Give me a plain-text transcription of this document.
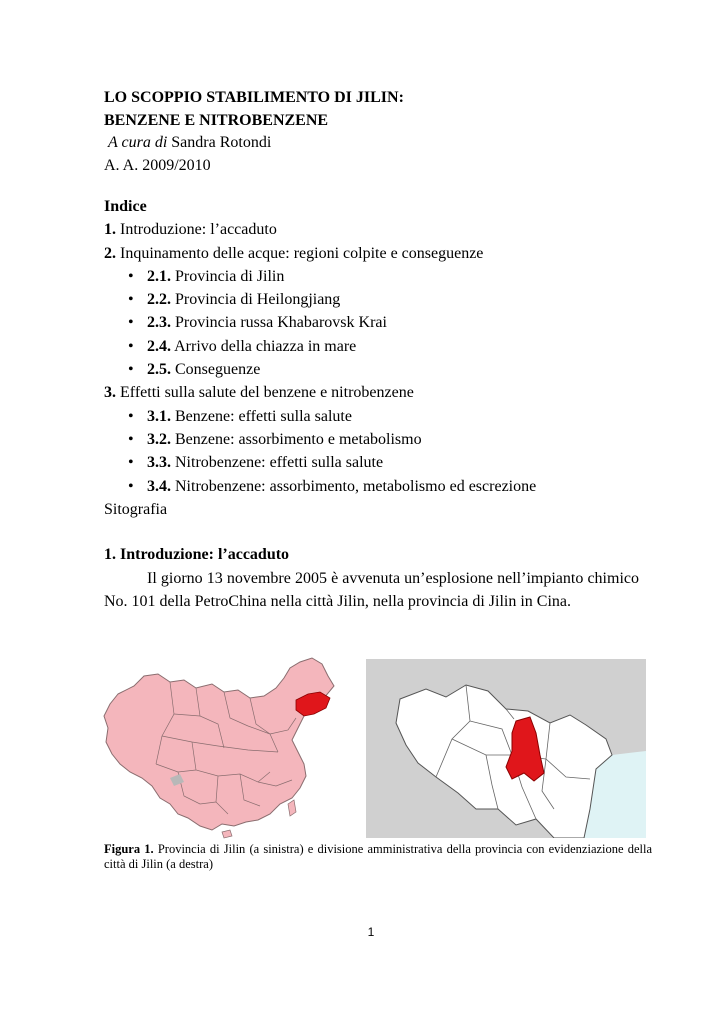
LO SCOPPIO STABILIMENTO DI JILIN:
BENZENE E NITROBENZENE
A cura di Sandra Rotondi
A. A. 2009/2010
Indice
1. Introduzione: l’accaduto
2. Inquinamento delle acque: regioni colpite e conseguenze
• 2.1. Provincia di Jilin
• 2.2. Provincia di Heilongjiang
• 2.3. Provincia russa Khabarovsk Krai
• 2.4. Arrivo della chiazza in mare
• 2.5. Conseguenze
3. Effetti sulla salute del benzene e nitrobenzene
• 3.1. Benzene: effetti sulla salute
• 3.2. Benzene: assorbimento e metabolismo
• 3.3. Nitrobenzene: effetti sulla salute
• 3.4. Nitrobenzene: assorbimento, metabolismo ed escrezione
Sitografia
1. Introduzione: l’accaduto
Il giorno 13 novembre 2005 è avvenuta un’esplosione nell’impianto chimico No. 101 della PetroChina nella città Jilin, nella provincia di Jilin in Cina.
Figura 1. Provincia di Jilin (a sinistra) e divisione amministrativa della provincia con evidenziazione della città di Jilin (a destra)
1
